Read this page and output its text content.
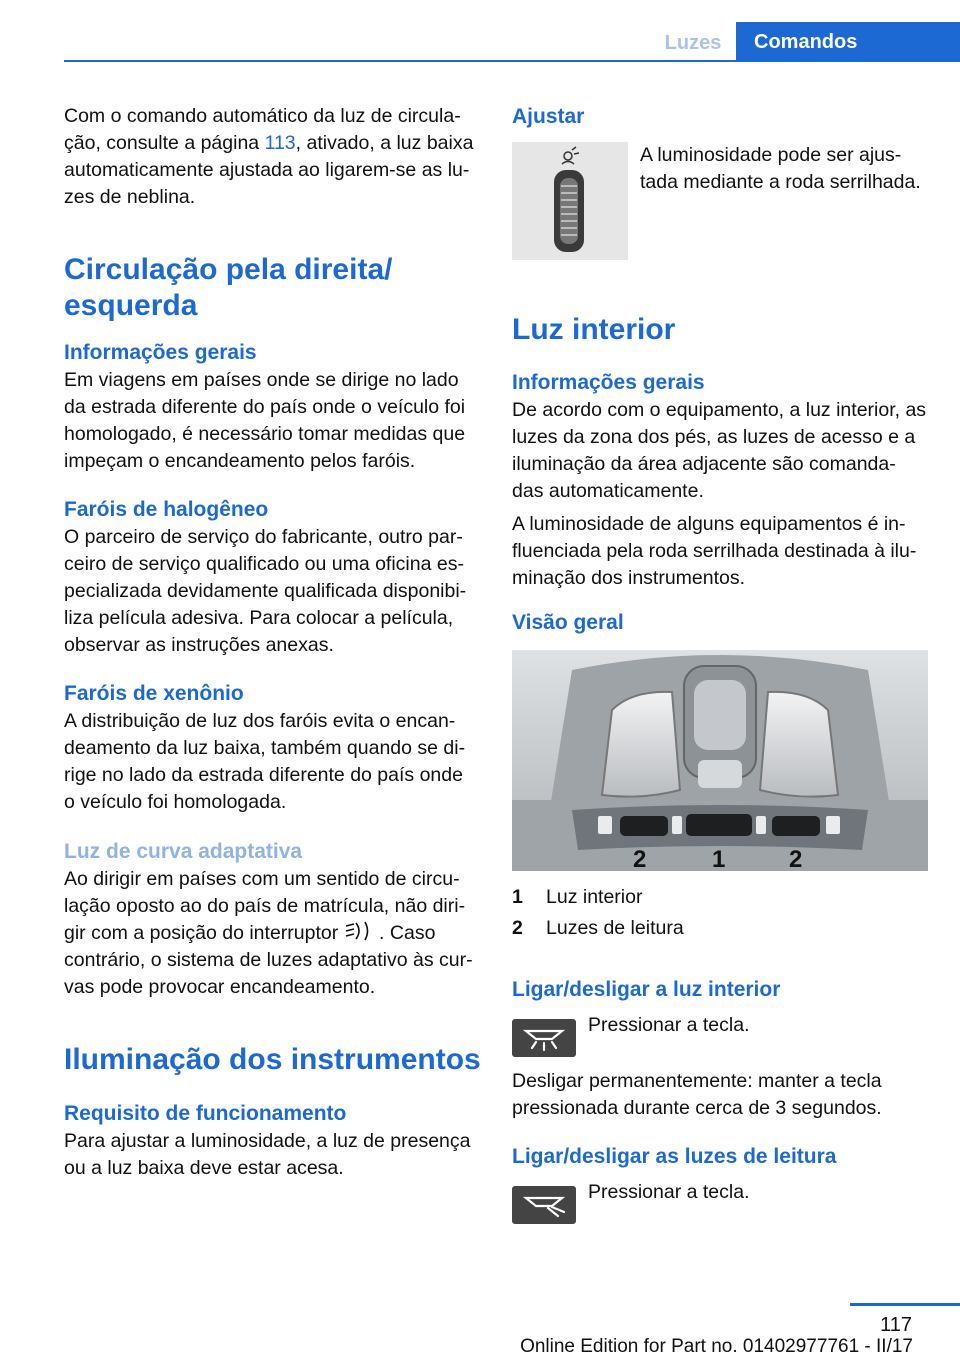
Luzes	Comandos

Com o comando automático da luz de circula-
ção, consulte a página 113, ativado, a luz baixa
automaticamente ajustada ao ligarem-se as lu-
zes de neblina.

Circulação pela direita/
esquerda

Informações gerais

Em viagens em países onde se dirige no lado da estrada diferente do país onde o veículo foi homologado, é necessário tomar medidas que impeçam o encandeamento pelos faróis.

Faróis de halogêneo

O parceiro de serviço do fabricante, outro par- ceiro de serviço qualificado ou uma oficina es- pecializada devidamente qualificada disponibi- liza película adesiva. Para colocar a película, observar as instruções anexas.

Faróis de xenônio

A distribuição de luz dos faróis evita o encan- deamento da luz baixa, também quando se di- rige no lado da estrada diferente do país onde o veículo foi homologada.

Luz de curva adaptativa

Ao dirigir em países com um sentido de circu-
lação oposto ao do país de matrícula, não diri-
gir com a posição do interruptor  . Caso
contrário, o sistema de luzes adaptativo às cur-
vas pode provocar encandeamento.

Iluminação dos instrumentos

Requisito de funcionamento

Para ajustar a luminosidade, a luz de presença ou a luz baixa deve estar acesa.

Ajustar

A luminosidade pode ser ajus- tada mediante a roda serrilhada.

Luz interior

Informações gerais

De acordo com o equipamento, a luz interior, as luzes da zona dos pés, as luzes de acesso e a iluminação da área adjacente são comanda- das automaticamente.

A luminosidade de alguns equipamentos é in- fluenciada pela roda serrilhada destinada à ilu- minação dos instrumentos.

Visão geral

2	1	2
1	Luz interior
2	Luzes de leitura

Ligar/desligar a luz interior

Pressionar a tecla.

Desligar permanentemente: manter a tecla pressionada durante cerca de 3 segundos.

Ligar/desligar as luzes de leitura

Pressionar a tecla.

117
Online Edition for Part no. 01402977761 - II/17
